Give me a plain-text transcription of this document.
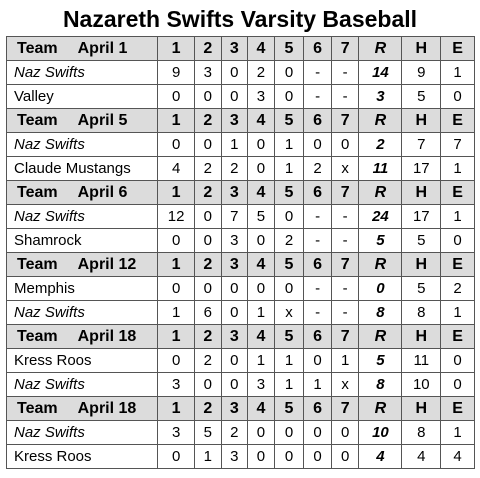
Nazareth Swifts Varsity Baseball
Team April 1	1	2	3	4	5	6	7	R	H	E
Naz Swifts	9	3	0	2	0	-	-	14	9	1
Valley	0	0	0	3	0	-	-	3	5	0
Team April 5	1	2	3	4	5	6	7	R	H	E
Naz Swifts	0	0	1	0	1	0	0	2	7	7
Claude Mustangs	4	2	2	0	1	2	x	11	17	1
Team April 6	1	2	3	4	5	6	7	R	H	E
Naz Swifts	12	0	7	5	0	-	-	24	17	1
Shamrock	0	0	3	0	2	-	-	5	5	0
Team April 12	1	2	3	4	5	6	7	R	H	E
Memphis	0	0	0	0	0	-	-	0	5	2
Naz Swifts	1	6	0	1	x	-	-	8	8	1
Team April 18	1	2	3	4	5	6	7	R	H	E
Kress Roos	0	2	0	1	1	0	1	5	11	0
Naz Swifts	3	0	0	3	1	1	x	8	10	0
Team April 18	1	2	3	4	5	6	7	R	H	E
Naz Swifts	3	5	2	0	0	0	0	10	8	1
Kress Roos	0	1	3	0	0	0	0	4	4	4
